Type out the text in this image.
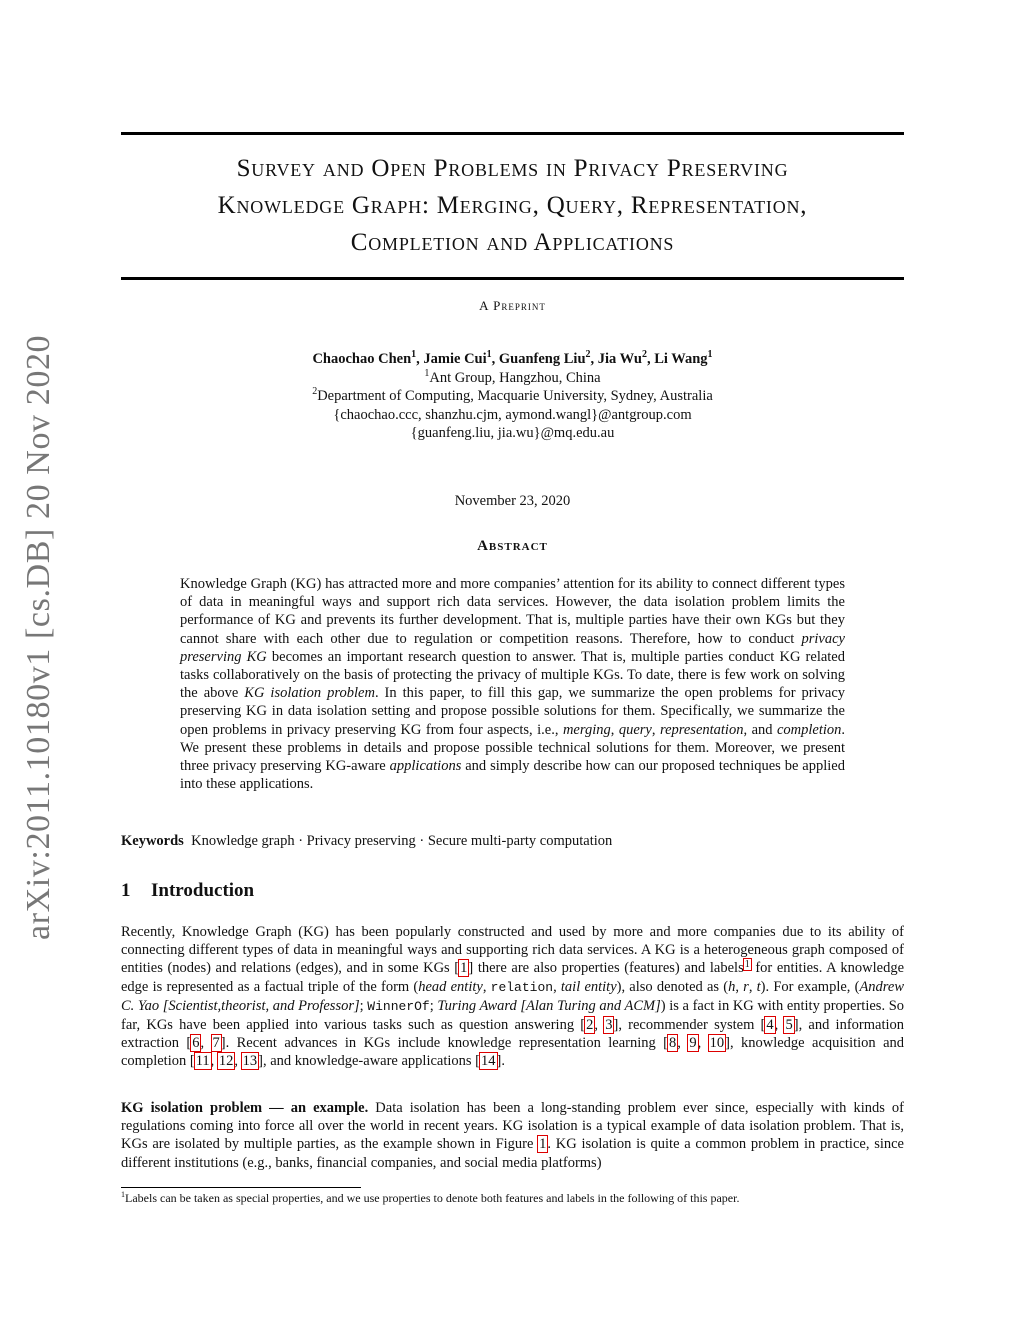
arXiv:2011.10180v1 [cs.DB] 20 Nov 2020
Survey and Open Problems in Privacy Preserving
Knowledge Graph: Merging, Query, Representation,
Completion and Applications
A Preprint
Chaochao Chen$^1$, Jamie Cui$^1$, Guanfeng Liu$^2$, Jia Wu$^2$, Li Wang$^1$
$^1$Ant Group, Hangzhou, China
$^2$Department of Computing, Macquarie University, Sydney, Australia
{chaochao.ccc, shanzhu.cjm, aymond.wangl}@antgroup.com
{guanfeng.liu, jia.wu}@mq.edu.au
November 23, 2020
Abstract
Knowledge Graph (KG) has attracted more and more companies’ attention for its ability to connect different types of data in meaningful ways and support rich data services. However, the data isolation problem limits the performance of KG and prevents its further development. That is, multiple parties have their own KGs but they cannot share with each other due to regulation or competition reasons. Therefore, how to conduct privacy preserving KG becomes an important research question to answer. That is, multiple parties conduct KG related tasks collaboratively on the basis of protecting the privacy of multiple KGs. To date, there is few work on solving the above KG isolation problem. In this paper, to fill this gap, we summarize the open problems for privacy preserving KG in data isolation setting and propose possible solutions for them. Specifically, we summarize the open problems in privacy preserving KG from four aspects, i.e., merging, query, representation, and completion. We present these problems in details and propose possible technical solutions for them. Moreover, we present three privacy preserving KG-aware applications and simply describe how can our proposed techniques be applied into these applications.
Keywords Knowledge graph · Privacy preserving · Secure multi-party computation
1 Introduction
Recently, Knowledge Graph (KG) has been popularly constructed and used by more and more companies due to its ability of connecting different types of data in meaningful ways and supporting rich data services. A KG is a heterogeneous graph composed of entities (nodes) and relations (edges), and in some KGs [1] there are also properties (features) and labels$^1$ for entities. A knowledge edge is represented as a factual triple of the form (head entity, relation, tail entity), also denoted as (h, r, t). For example, (Andrew C. Yao [Scientist,theorist, and Professor]; WinnerOf; Turing Award [Alan Turing and ACM]) is a fact in KG with entity properties. So far, KGs have been applied into various tasks such as question answering [2, 3], recommender system [4, 5], and information extraction [6, 7]. Recent advances in KGs include knowledge representation learning [8, 9, 10], knowledge acquisition and completion [11, 12, 13], and knowledge-aware applications [14].
KG isolation problem — an example. Data isolation has been a long-standing problem ever since, especially with kinds of regulations coming into force all over the world in recent years. KG isolation is a typical example of data isolation problem. That is, KGs are isolated by multiple parties, as the example shown in Figure 1. KG isolation is quite a common problem in practice, since different institutions (e.g., banks, financial companies, and social media platforms)
$^1$Labels can be taken as special properties, and we use properties to denote both features and labels in the following of this paper.
